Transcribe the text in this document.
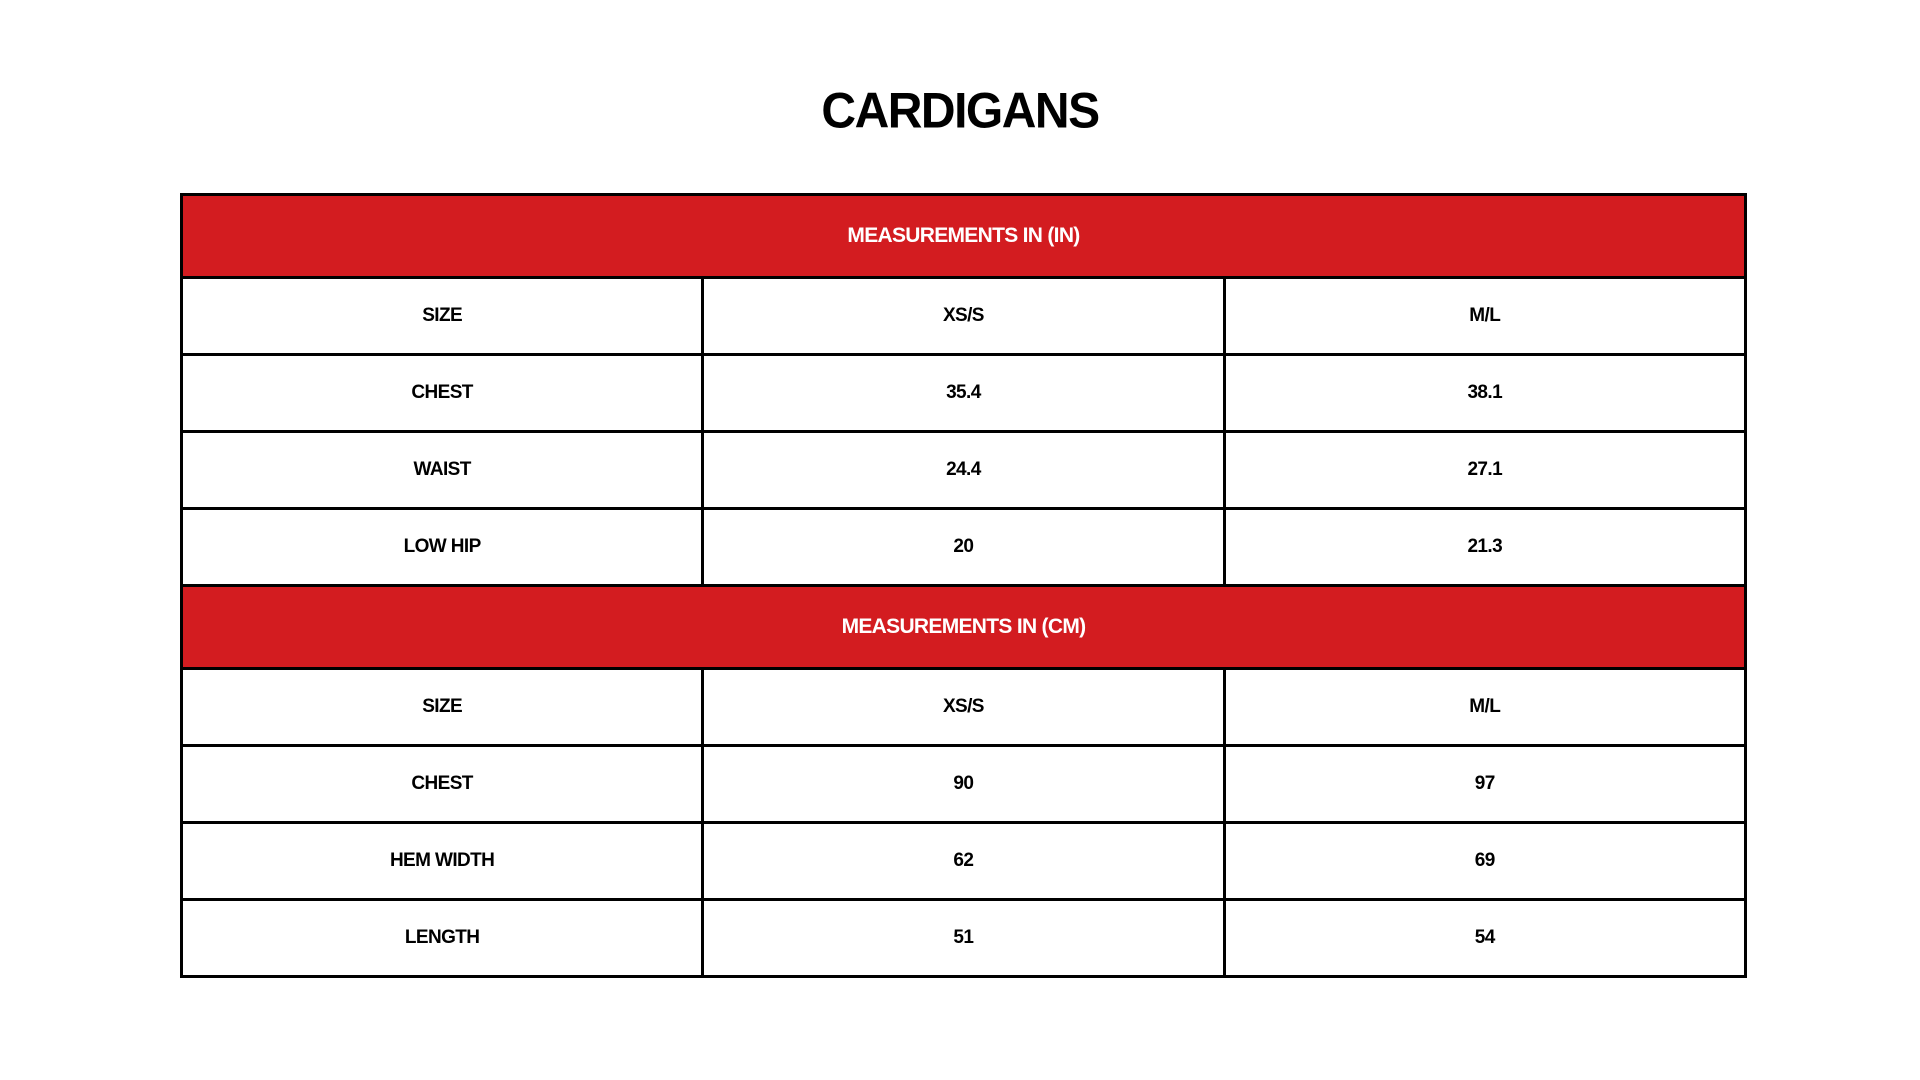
CARDIGANS
MEASUREMENTS IN (IN)		
SIZE	XS/S	M/L
CHEST	35.4	38.1
WAIST	24.4	27.1
LOW HIP	20	21.3
MEASUREMENTS IN (CM)		
SIZE	XS/S	M/L
CHEST	90	97
HEM WIDTH	62	69
LENGTH	51	54
